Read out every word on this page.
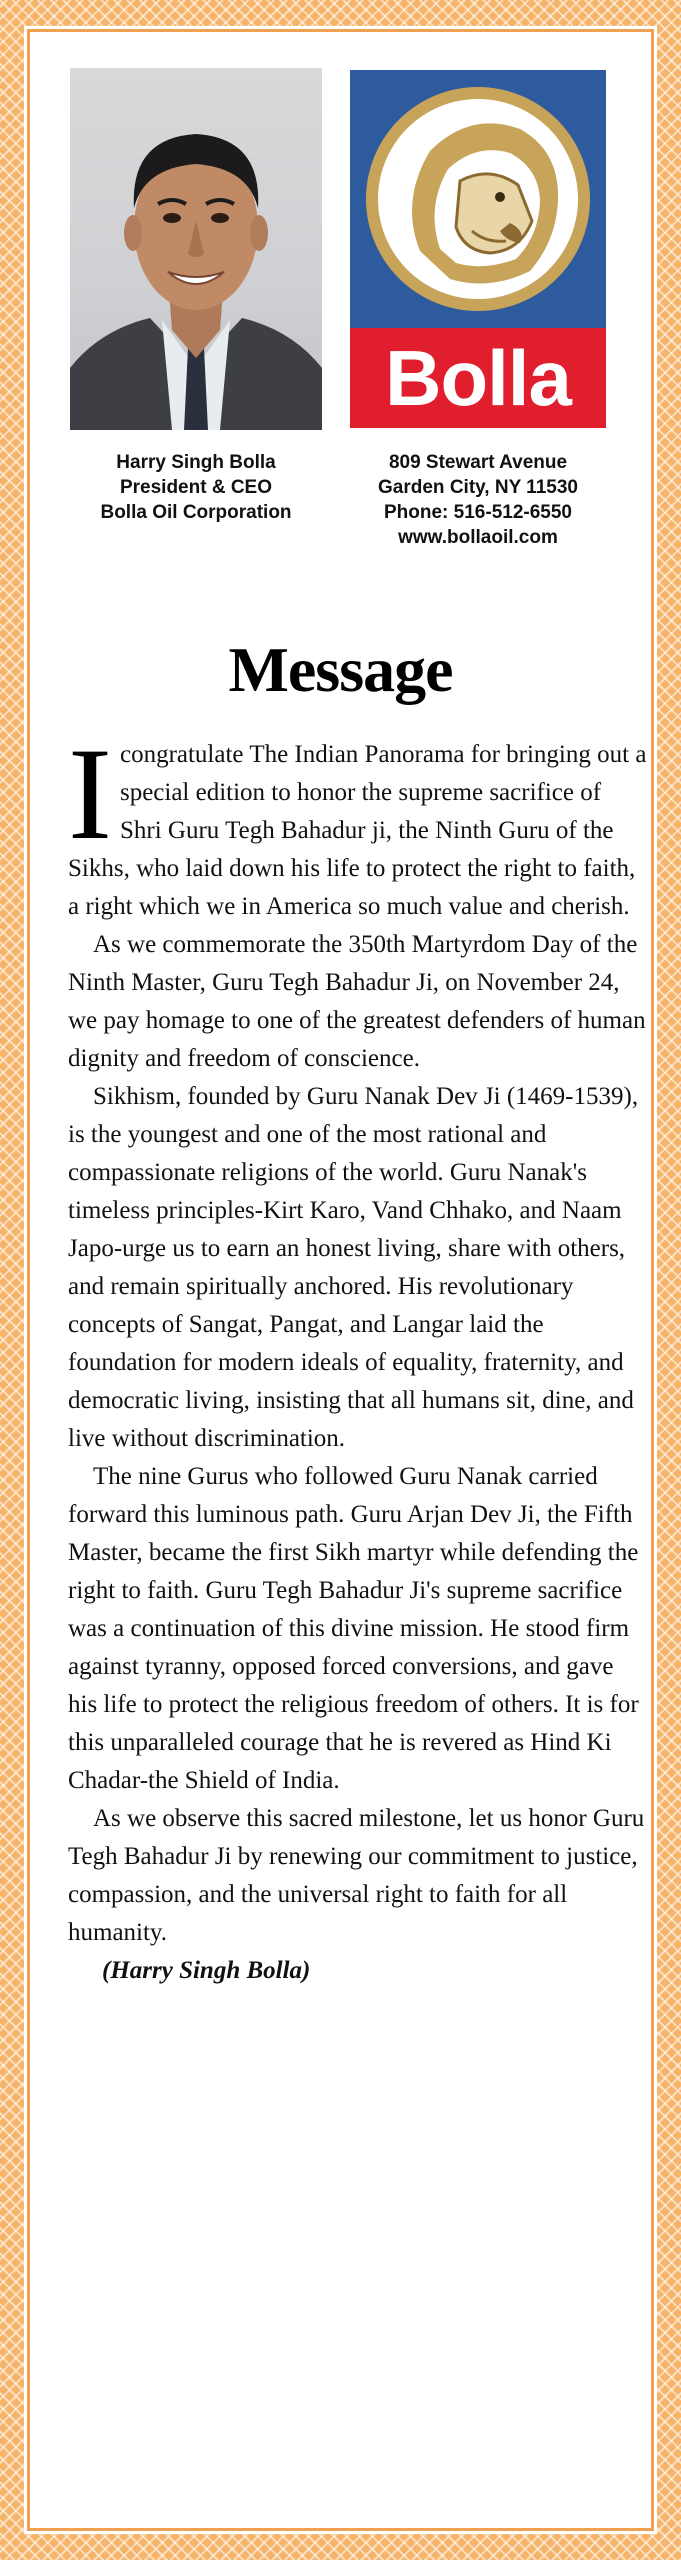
Bolla
Harry Singh Bolla
President & CEO
Bolla Oil Corporation
809 Stewart Avenue
Garden City, NY 11530
Phone: 516-512-6550
www.bollaoil.com
Message

Icongratulate The Indian Panorama for bringing out a special edition to honor the supreme sacrifice of Shri Guru Tegh Bahadur ji, the Ninth Guru of the Sikhs, who laid down his life to protect the right to faith, a right which we in America so much value and cherish.

As we commemorate the 350th Martyrdom Day of the Ninth Master, Guru Tegh Bahadur Ji, on November 24, we pay homage to one of the greatest defenders of human dignity and freedom of conscience.

Sikhism, founded by Guru Nanak Dev Ji (1469-1539), is the youngest and one of the most rational and compassionate religions of the world. Guru Nanak's timeless principles-Kirt Karo, Vand Chhako, and Naam Japo-urge us to earn an honest living, share with others, and remain spiritually anchored. His revolutionary concepts of Sangat, Pangat, and Langar laid the foundation for modern ideals of equality, fraternity, and democratic living, insisting that all humans sit, dine, and live without discrimination.

The nine Gurus who followed Guru Nanak carried forward this luminous path. Guru Arjan Dev Ji, the Fifth Master, became the first Sikh martyr while defending the right to faith. Guru Tegh Bahadur Ji's supreme sacrifice was a continuation of this divine mission. He stood firm against tyranny, opposed forced conversions, and gave his life to protect the religious freedom of others. It is for this unparalleled courage that he is revered as Hind Ki Chadar-the Shield of India.

As we observe this sacred milestone, let us honor Guru Tegh Bahadur Ji by renewing our commitment to justice, compassion, and the universal right to faith for all humanity.

(Harry Singh Bolla)
